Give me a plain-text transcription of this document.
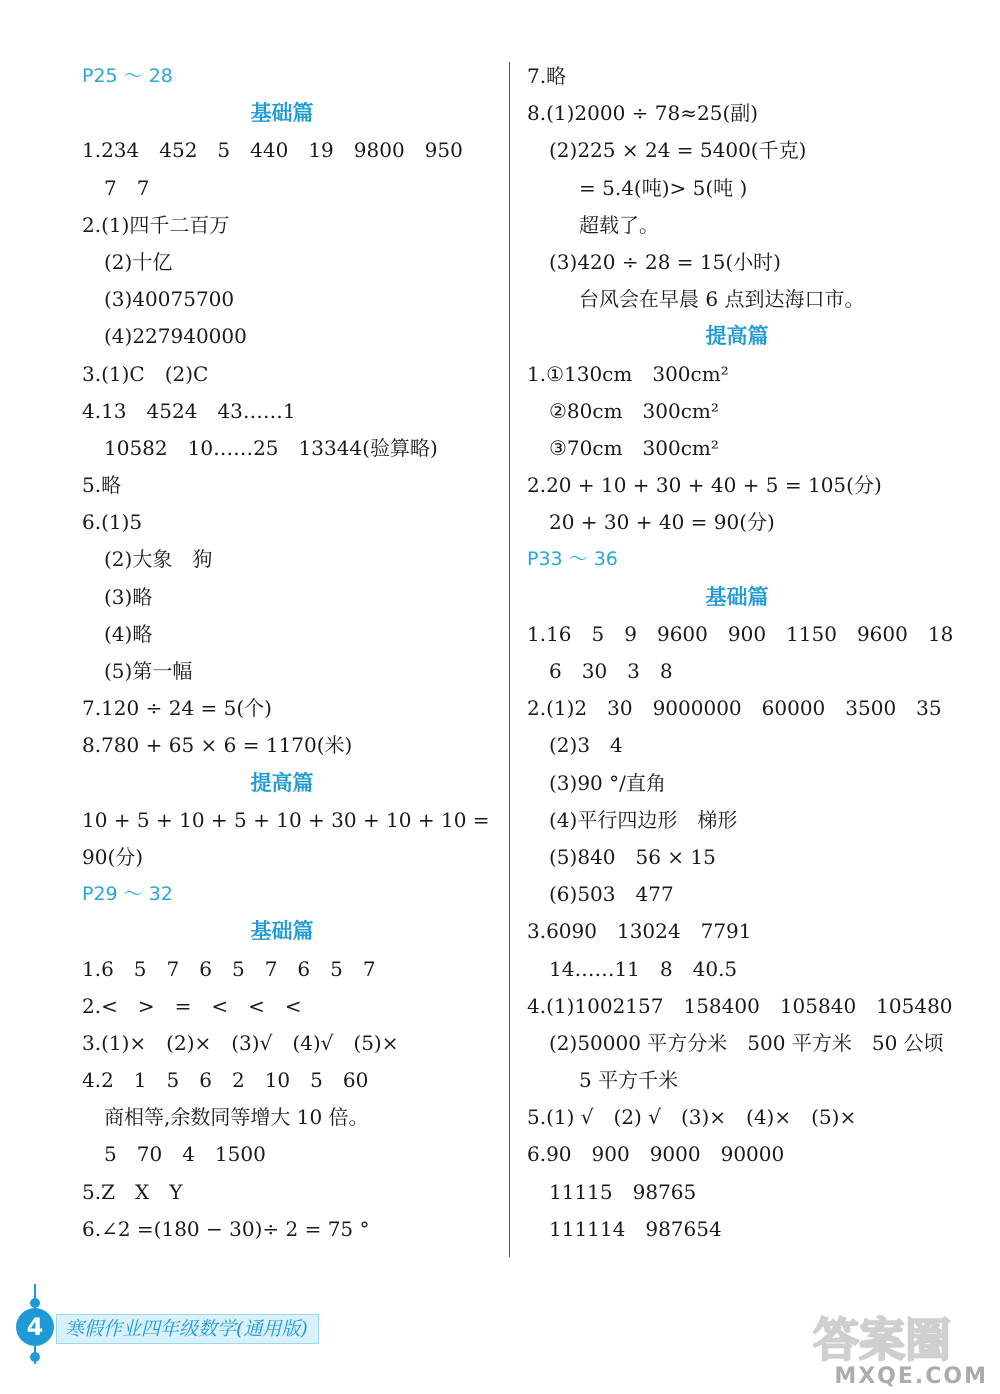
P25 ～ 28
基础篇
1.234　452　5　440　19　9800　950
7　7
2.(1)四千二百万
(2)十亿
(3)40075700
(4)227940000
3.(1)C　(2)C
4.13　4524　43……1
10582　10……25　13344(验算略)
5.略
6.(1)5
(2)大象　狗
(3)略
(4)略
(5)第一幅
7.120 ÷ 24 = 5(个)
8.780 + 65 × 6 = 1170(米)
提高篇
10 + 5 + 10 + 5 + 10 + 30 + 10 + 10 =
90(分)
P29 ～ 32
基础篇
1.6　5　7　6　5　7　6　5　7
2.<　>　=　<　<　<
3.(1)×　(2)×　(3)√　(4)√　(5)×
4.2　1　5　6　2　10　5　60
商相等,余数同等增大 10 倍。
5　70　4　1500
5.Z　X　Y
6.∠2 =(180 − 30)÷ 2 = 75 °
7.略
8.(1)2000 ÷ 78≈25(副)
(2)225 × 24 = 5400(千克)
= 5.4(吨)> 5(吨 )
超载了。
(3)420 ÷ 28 = 15(小时)
台风会在早晨 6 点到达海口市。
提高篇
1.①130cm　300cm²
②80cm　300cm²
③70cm　300cm²
2.20 + 10 + 30 + 40 + 5 = 105(分)
20 + 30 + 40 = 90(分)
P33 ～ 36
基础篇
1.16　5　9　9600　900　1150　9600　18
6　30　3　8
2.(1)2　30　9000000　60000　3500　35
(2)3　4
(3)90 °/直角
(4)平行四边形　梯形
(5)840　56 × 15
(6)503　477
3.6090　13024　7791
14……11　8　40.5
4.(1)1002157　158400　105840　105480
(2)50000 平方分米　500 平方米　50 公顷
5 平方千米
5.(1) √　(2) √　(3)×　(4)×　(5)×
6.90　900　9000　90000
11115　98765
111114　987654
4	寒假作业四年级数学(通用版)	答案圈
MXQE.COM
